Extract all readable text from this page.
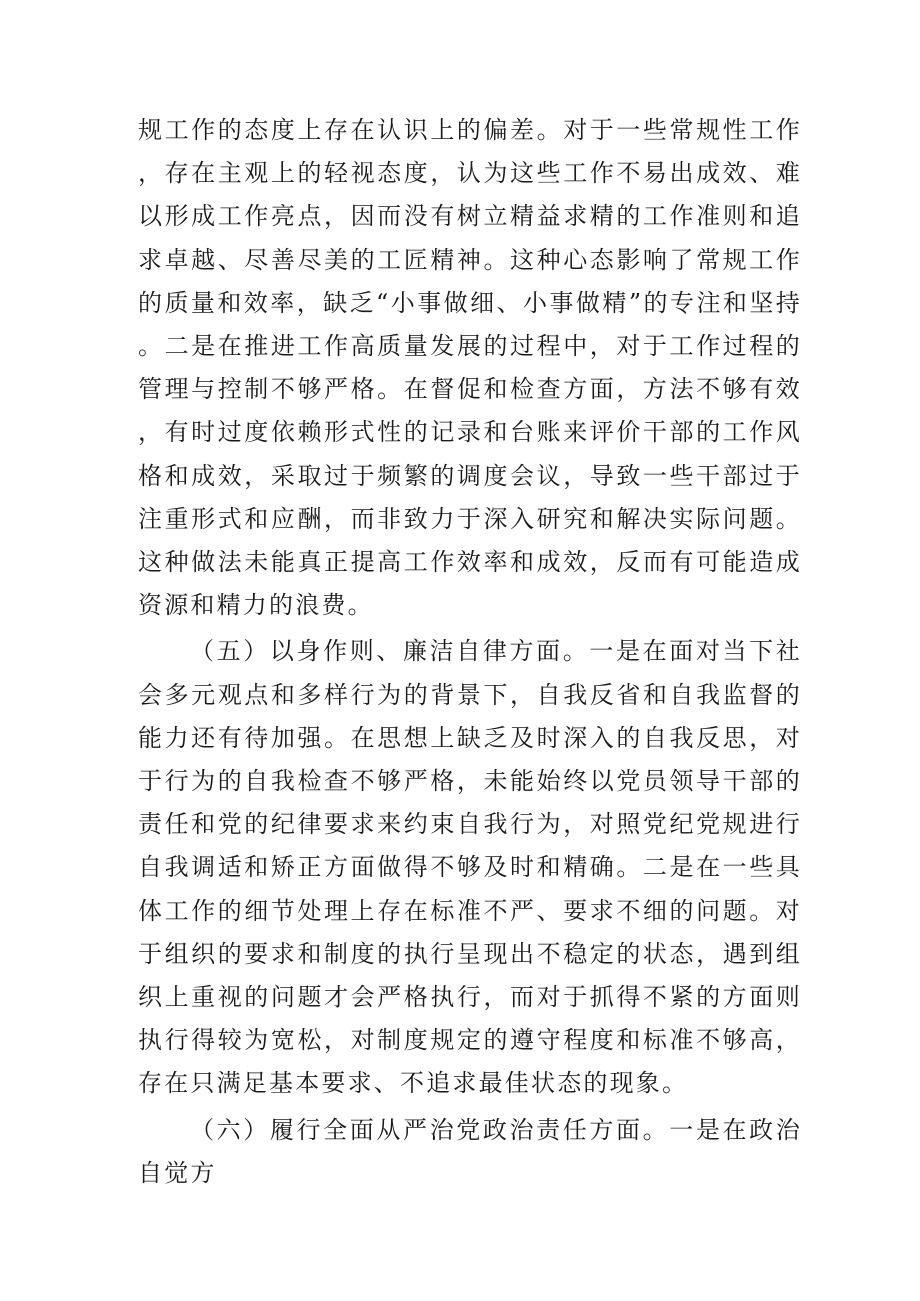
规工作的态度上存在认识上的偏差。对于一些常规性工作，存在主观上的轻视态度，认为这些工作不易出成效、难以形成工作亮点，因而没有树立精益求精的工作准则和追求卓越、尽善尽美的工匠精神。这种心态影响了常规工作的质量和效率，缺乏“小事做细、小事做精”的专注和坚持。二是在推进工作高质量发展的过程中，对于工作过程的管理与控制不够严格。在督促和检查方面，方法不够有效，有时过度依赖形式性的记录和台账来评价干部的工作风格和成效，采取过于频繁的调度会议，导致一些干部过于注重形式和应酬，而非致力于深入研究和解决实际问题。这种做法未能真正提高工作效率和成效，反而有可能造成资源和精力的浪费。

（五）以身作则、廉洁自律方面。一是在面对当下社会多元观点和多样行为的背景下，自我反省和自我监督的能力还有待加强。在思想上缺乏及时深入的自我反思，对于行为的自我检查不够严格，未能始终以党员领导干部的责任和党的纪律要求来约束自我行为，对照党纪党规进行自我调适和矫正方面做得不够及时和精确。二是在一些具体工作的细节处理上存在标准不严、要求不细的问题。对于组织的要求和制度的执行呈现出不稳定的状态，遇到组织上重视的问题才会严格执行，而对于抓得不紧的方面则执行得较为宽松，对制度规定的遵守程度和标准不够高，存在只满足基本要求、不追求最佳状态的现象。

（六）履行全面从严治党政治责任方面。一是在政治自觉方
